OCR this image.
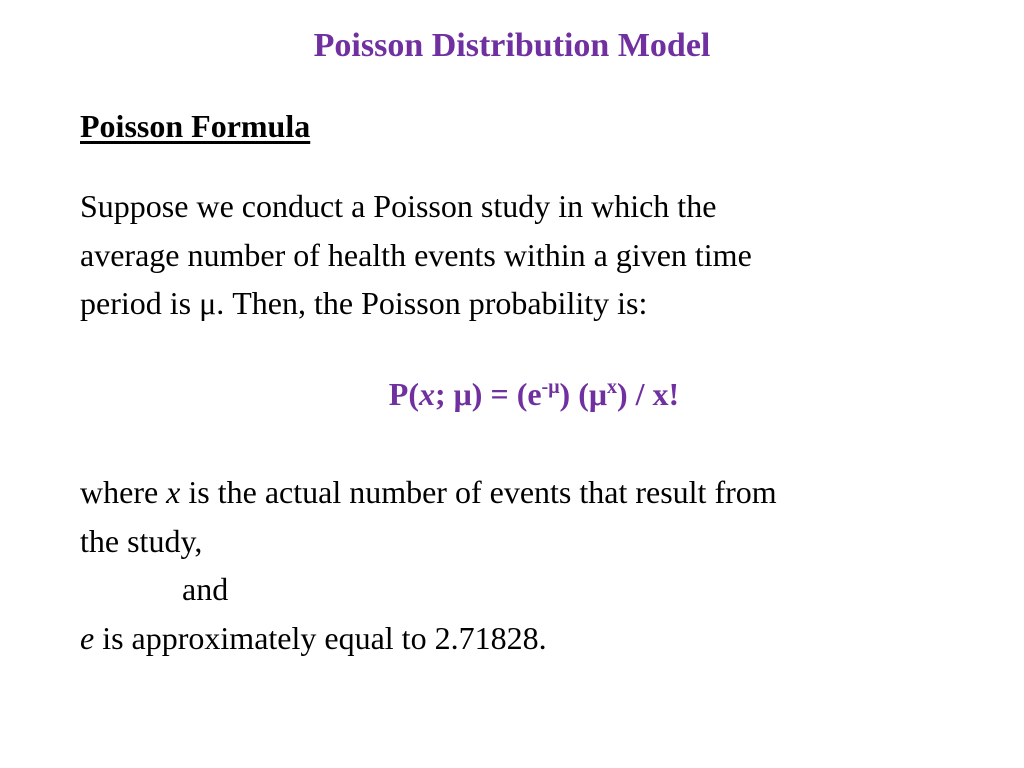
Poisson Distribution Model
Poisson Formula
Suppose we conduct a Poisson study in which the
average number of health events within a given time
period is μ. Then, the Poisson probability is:
P(x; $\mu) = (e^{-\mu})$ $(\mu^x)$ / x!
where x is the actual number of events that result from
the study,
and
e is approximately equal to 2.71828.
